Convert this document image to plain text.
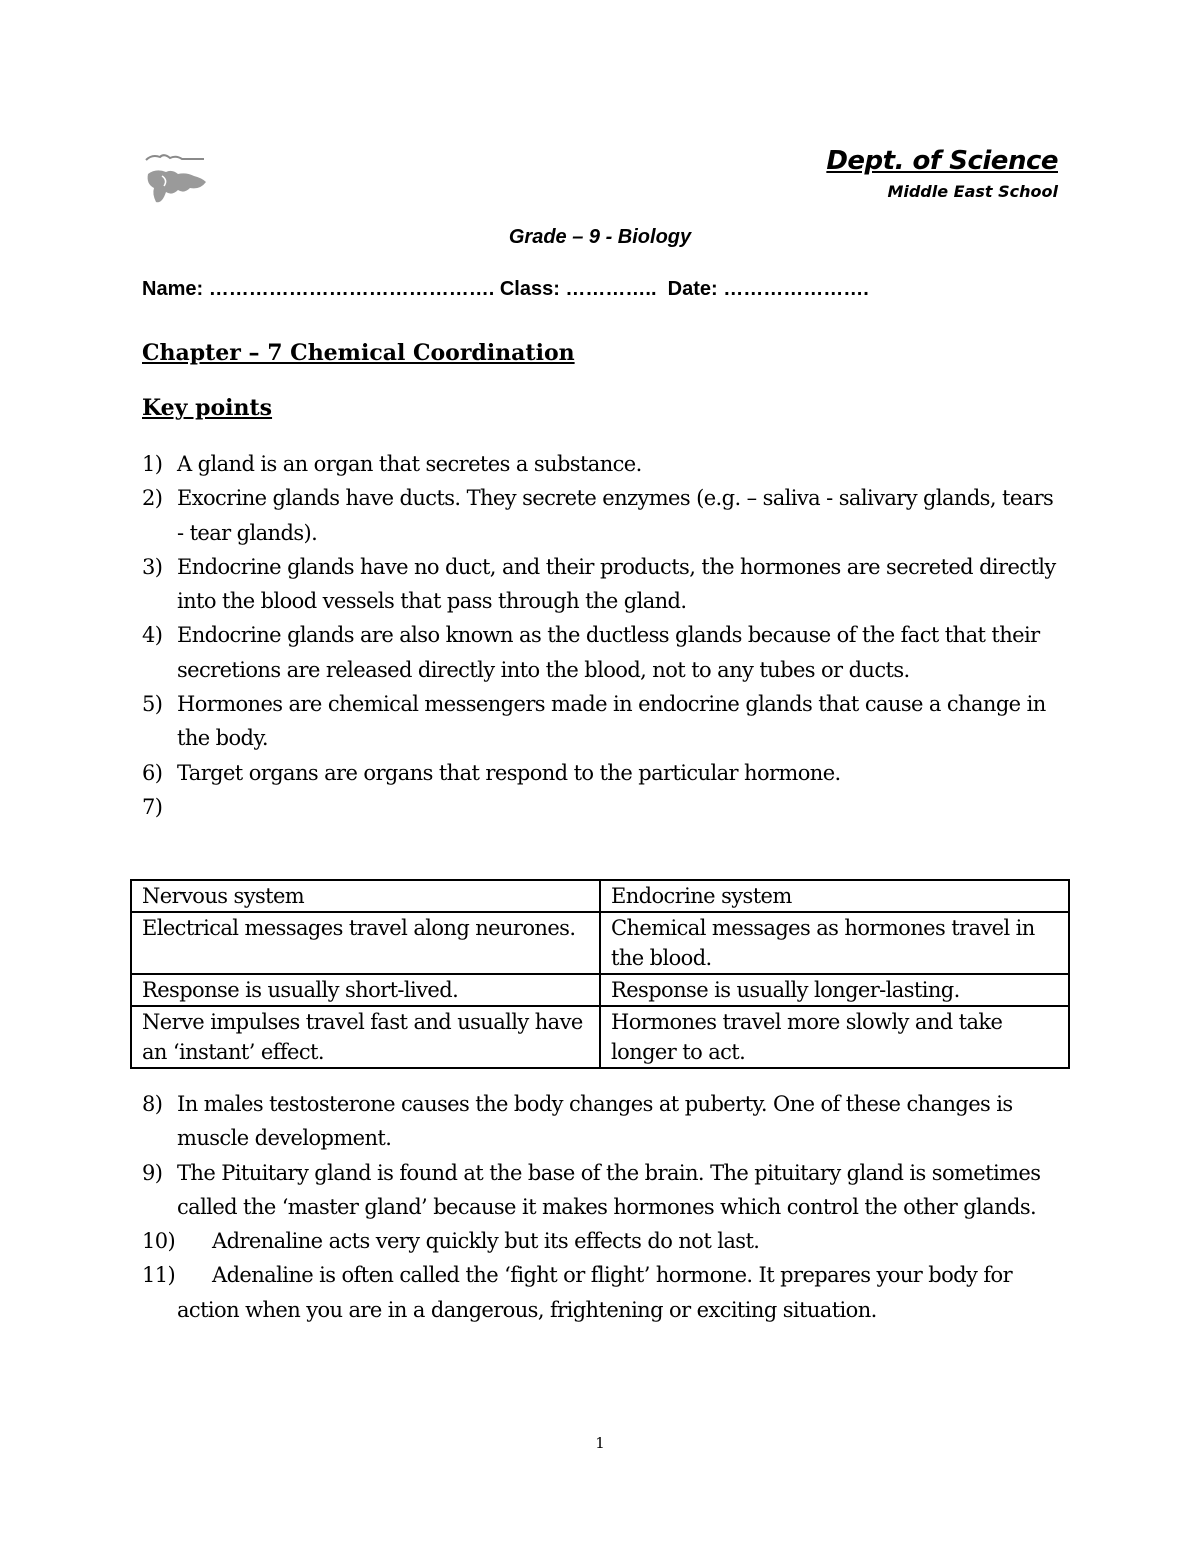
Dept. of Science
Middle East School
Grade – 9 - Biology
Name: ……………………………………. Class: ………….. Date: ………………….
Chapter – 7 Chemical Coordination
Key points
1) A gland is an organ that secretes a substance.
2) Exocrine glands have ducts. They secrete enzymes (e.g. – saliva - salivary glands, tears - tear glands).
3) Endocrine glands have no duct, and their products, the hormones are secreted directly into the blood vessels that pass through the gland.
4) Endocrine glands are also known as the ductless glands because of the fact that their secretions are released directly into the blood, not to any tubes or ducts.
5) Hormones are chemical messengers made in endocrine glands that cause a change in the body.
6) Target organs are organs that respond to the particular hormone.
7)

Nervous system	Endocrine system
Electrical messages travel along neurones.	Chemical messages as hormones travel in the blood.
Response is usually short-lived.	Response is usually longer-lasting.
Nerve impulses travel fast and usually have an ‘instant’ effect.	Hormones travel more slowly and take longer to act.
8) In males testosterone causes the body changes at puberty. One of these changes is muscle development.
9) The Pituitary gland is found at the base of the brain. The pituitary gland is sometimes called the ‘master gland’ because it makes hormones which control the other glands.
10) Adrenaline acts very quickly but its effects do not last.
11)	Adenaline is often called the ‘fight or flight’ hormone. It prepares your body for action when you are in a dangerous, frightening or exciting situation.
1
